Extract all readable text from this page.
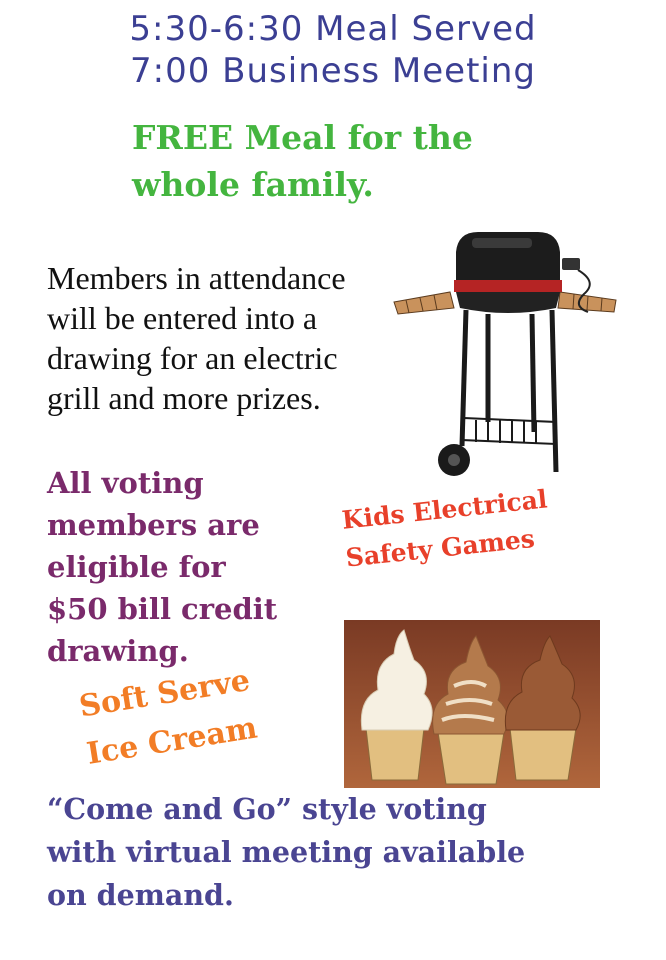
5:30-6:30 Meal Served
7:00 Business Meeting
FREE Meal for the
whole family.
Members in attendance
will be entered into a
drawing for an electric
grill and more prizes.
All voting
members are
eligible for
$50 bill credit
drawing.
Kids Electrical
Safety Games
Soft Serve
Ice Cream
“Come and Go” style voting
with virtual meeting available
on demand.
